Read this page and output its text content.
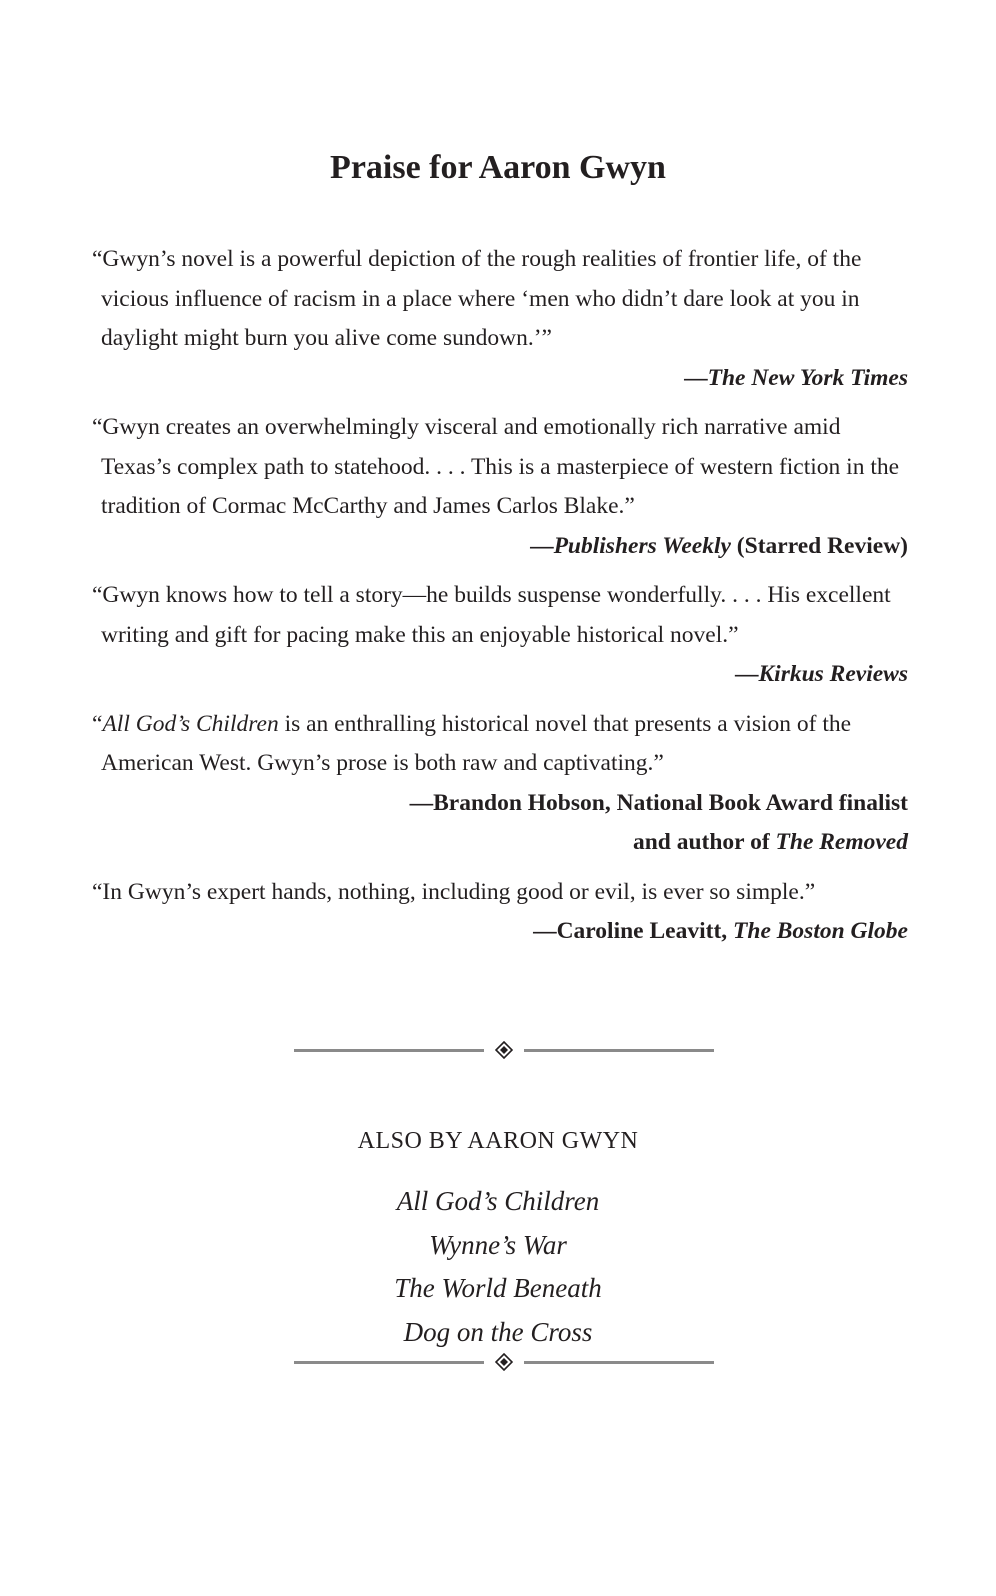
Praise for Aaron Gwyn

“Gwyn’s novel is a powerful depiction of the rough realities of frontier life, of the vicious influence of racism in a place where ‘men who didn’t dare look at you in daylight might burn you alive come sundown.’”

—The New York Times

“Gwyn creates an overwhelmingly visceral and emotionally rich narrative amid Texas’s complex path to statehood. . . . This is a masterpiece of western fiction in the tradition of Cormac McCarthy and James Carlos Blake.”

—Publishers Weekly (Starred Review)

“Gwyn knows how to tell a story—he builds suspense wonderfully. . . . His excellent writing and gift for pacing make this an enjoyable historical novel.”

—Kirkus Reviews

“All God’s Children is an enthralling historical novel that presents a vision of the American West. Gwyn’s prose is both raw and captivating.”

—Brandon Hobson, National Book Award finalist

and author of The Removed

“In Gwyn’s expert hands, nothing, including good or evil, is ever so simple.”

—Caroline Leavitt, The Boston Globe

ALSO BY AARON GWYN

All God’s Children
Wynne’s War
The World Beneath
Dog on the Cross
